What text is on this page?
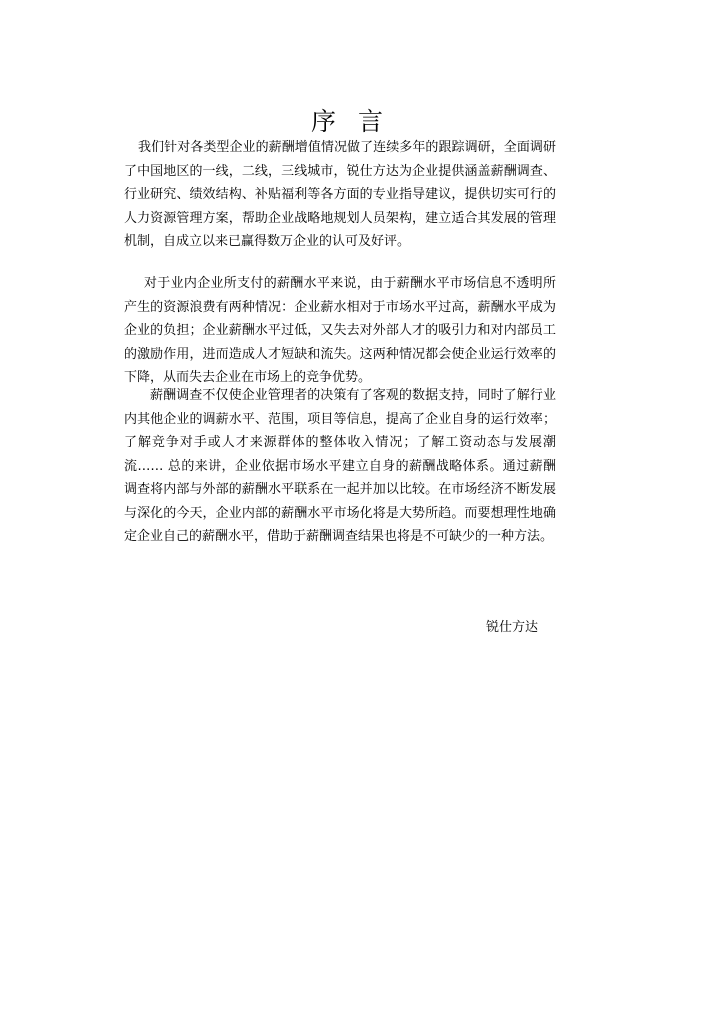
序言

我们针对各类型企业的薪酬增值情况做了连续多年的跟踪调研，全面调研了中国地区的一线，二线，三线城市，锐仕方达为企业提供涵盖薪酬调查、行业研究、绩效结构、补贴福利等各方面的专业指导建议，提供切实可行的人力资源管理方案，帮助企业战略地规划人员架构，建立适合其发展的管理机制，自成立以来已赢得数万企业的认可及好评。

对于业内企业所支付的薪酬水平来说，由于薪酬水平市场信息不透明所产生的资源浪费有两种情况：企业薪水相对于市场水平过高，薪酬水平成为企业的负担；企业薪酬水平过低，又失去对外部人才的吸引力和对内部员工的激励作用，进而造成人才短缺和流失。这两种情况都会使企业运行效率的下降，从而失去企业在市场上的竞争优势。

薪酬调查不仅使企业管理者的决策有了客观的数据支持，同时了解行业内其他企业的调薪水平、范围，项目等信息，提高了企业自身的运行效率；了解竞争对手或人才来源群体的整体收入情况；了解工资动态与发展潮流…… 总的来讲，企业依据市场水平建立自身的薪酬战略体系。通过薪酬调查将内部与外部的薪酬水平联系在一起并加以比较。在市场经济不断发展与深化的今天，企业内部的薪酬水平市场化将是大势所趋。而要想理性地确定企业自己的薪酬水平，借助于薪酬调查结果也将是不可缺少的一种方法。

锐仕方达
